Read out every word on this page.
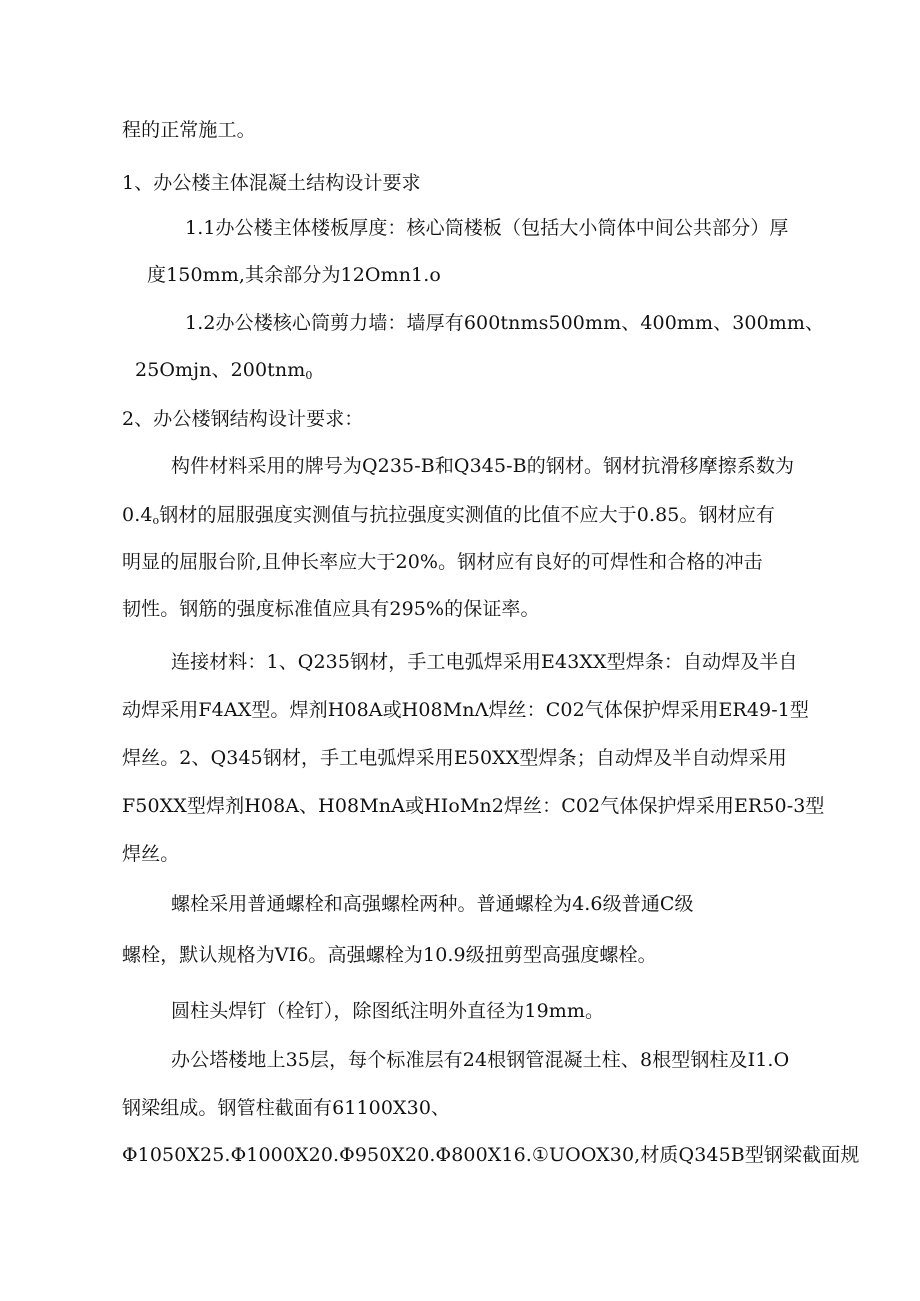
程的正常施工。

1、办公楼主体混凝土结构设计要求

1.1办公楼主体楼板厚度：核心筒楼板（包括大小筒体中间公共部分）厚

度150mm,其余部分为12Omn1.o

1.2办公楼核心筒剪力墙：墙厚有600tnms500mm、400mm、300mm、

25Omjn、200tnm$_0$

2、办公楼钢结构设计要求：

构件材料采用的牌号为Q235-B和Q345-B的钢材。钢材抗滑移摩擦系数为

$0.4_o$钢材的屈服强度实测值与抗拉强度实测值的比值不应大于0.85。钢材应有

明显的屈服台阶,且伸长率应大于20%。钢材应有良好的可焊性和合格的冲击

韧性。钢筋的强度标准值应具有295%的保证率。

连接材料：1、Q235钢材，手工电弧焊采用E43XX型焊条：自动焊及半自

动焊采用F4AX型。焊剂H08A或H08MnΛ焊丝：C02气体保护焊采用ER49-1型

焊丝。2、Q345钢材，手工电弧焊采用E50XX型焊条；自动焊及半自动焊采用

F50XX型焊剂H08A、H08MnA或HIoMn2焊丝：C02气体保护焊采用ER50-3型

焊丝。

螺栓采用普通螺栓和高强螺栓两种。普通螺栓为4.6级普通C级

螺栓，默认规格为VI6。高强螺栓为10.9级扭剪型高强度螺栓。

圆柱头焊钉（栓钉），除图纸注明外直径为19mm。

办公塔楼地上35层，每个标准层有24根钢管混凝土柱、8根型钢柱及I1.O

钢梁组成。钢管柱截面有61100X30、

Φ1050X25.Φ1000X20.Φ950X20.Φ800X16.①UOOX30,材质Q345B型钢梁截面规
